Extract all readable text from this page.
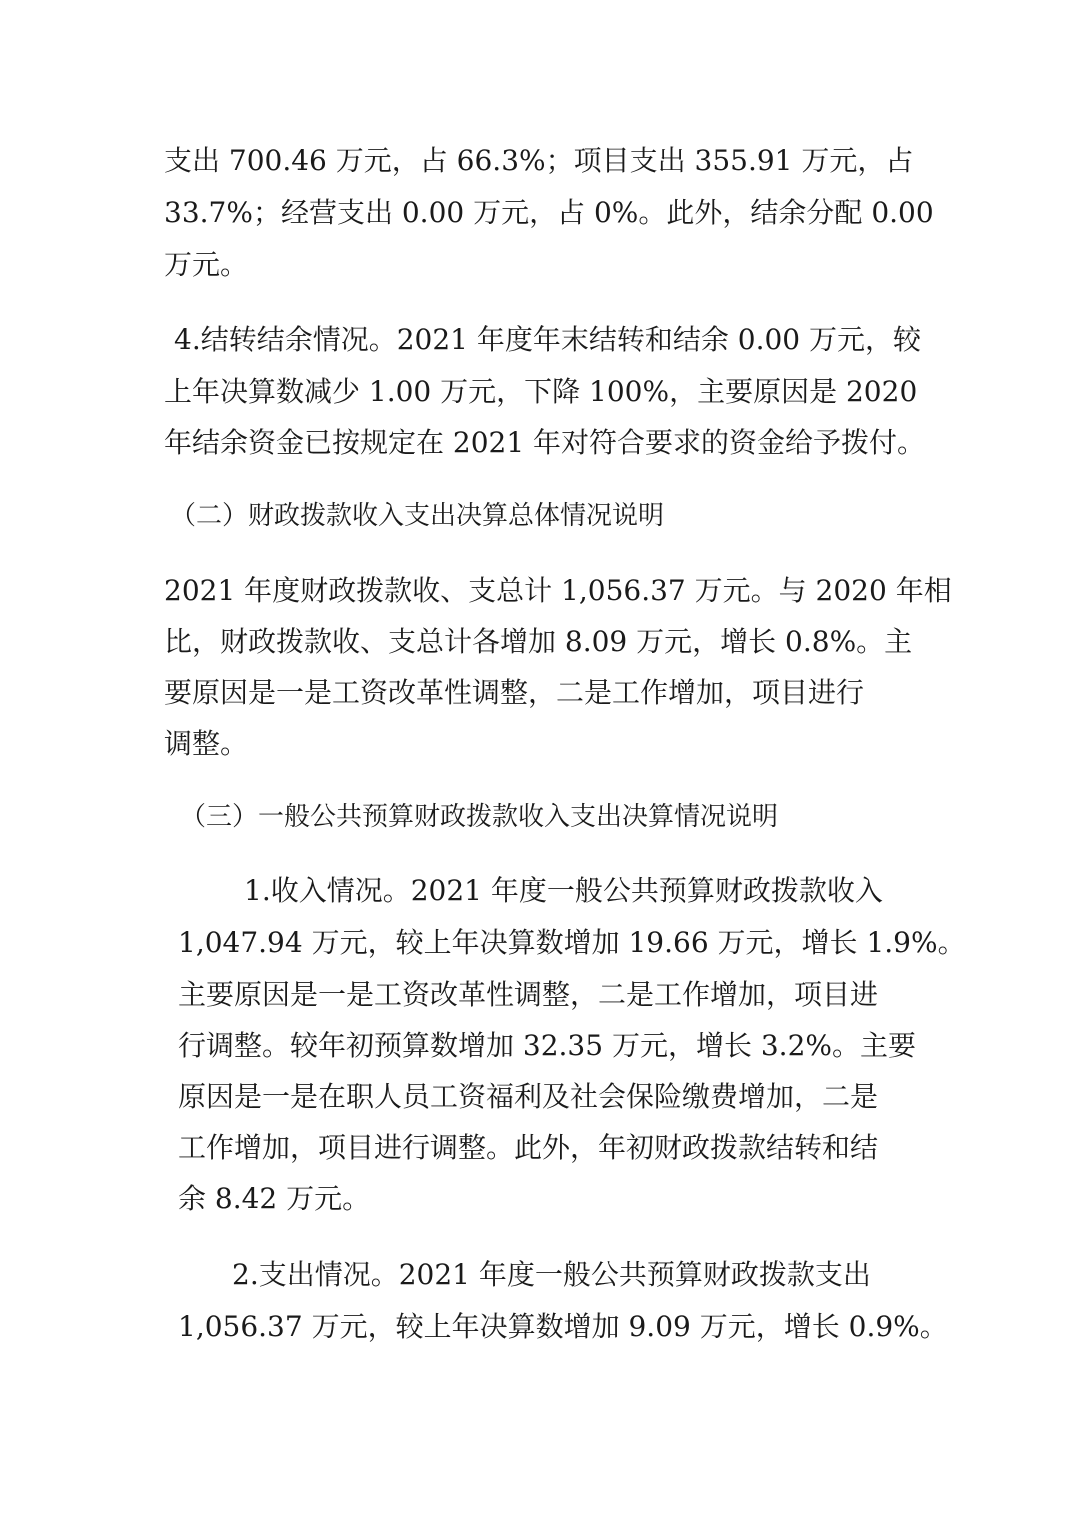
支出 700.46 万元，占 66.3%；项目支出 355.91 万元，占
33.7%；经营支出 0.00 万元，占 0%。此外，结余分配 0.00
万元。
4.结转结余情况。2021 年度年末结转和结余 0.00 万元，较
上年决算数减少 1.00 万元，下降 100%，主要原因是 2020
年结余资金已按规定在 2021 年对符合要求的资金给予拨付。
（二）财政拨款收入支出决算总体情况说明
2021 年度财政拨款收、支总计 1,056.37 万元。与 2020 年相
比，财政拨款收、支总计各增加 8.09 万元，增长 0.8%。主
要原因是一是工资改革性调整，二是工作增加，项目进行
调整。
（三）一般公共预算财政拨款收入支出决算情况说明
1.收入情况。2021 年度一般公共预算财政拨款收入
1,047.94 万元，较上年决算数增加 19.66 万元，增长 1.9%。
主要原因是一是工资改革性调整，二是工作增加，项目进
行调整。较年初预算数增加 32.35 万元，增长 3.2%。主要
原因是一是在职人员工资福利及社会保险缴费增加，二是
工作增加，项目进行调整。此外，年初财政拨款结转和结
余 8.42 万元。
2.支出情况。2021 年度一般公共预算财政拨款支出
1,056.37 万元，较上年决算数增加 9.09 万元，增长 0.9%。
